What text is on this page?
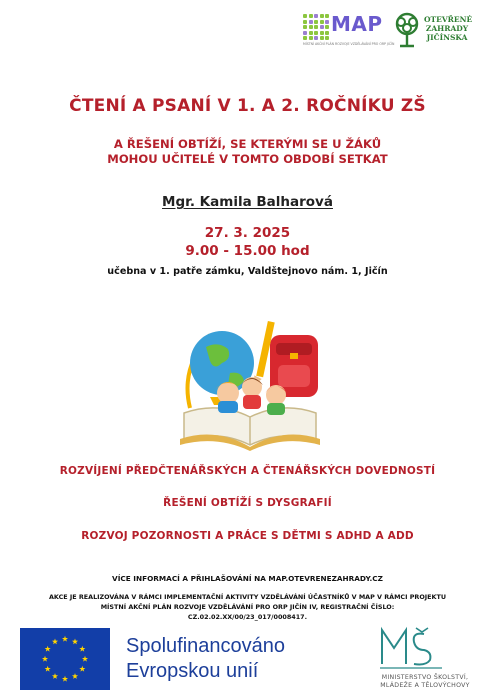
MAP
MÍSTNÍ AKČNÍ PLÁN ROZVOJE VZDĚLÁVÁNÍ PRO ORP JIČÍN
OTEVŘENÉ
ZAHRADY
JIČÍNSKA
ČTENÍ A PSANÍ V 1. A 2. ROČNÍKU ZŠ
A ŘEŠENÍ OBTÍŽÍ, SE KTERÝMI SE U ŽÁKŮ
MOHOU UČITELÉ V TOMTO OBDOBÍ SETKAT
Mgr. Kamila Balharová
27. 3. 2025
9.00 - 15.00 hod
učebna v 1. patře zámku, Valdštejnovo nám. 1, Jičín
ROZVÍJENÍ PŘEDČTENÁŘSKÝCH A ČTENÁŘSKÝCH DOVEDNOSTÍ
ŘEŠENÍ OBTÍŽÍ S DYSGRAFIÍ
ROZVOJ POZORNOSTI A PRÁCE S DĚTMI S ADHD A ADD
VÍCE INFORMACÍ A PŘIHLAŠOVÁNÍ NA MAP.OTEVRENEZAHRADY.CZ
AKCE JE REALIZOVÁNA V RÁMCI IMPLEMENTAČNÍ AKTIVITY VZDĚLÁVÁNÍ ÚČASTNÍKŮ V MAP V RÁMCI PROJEKTU
MÍSTNÍ AKČNÍ PLÁN ROZVOJE VZDĚLÁVÁNÍ PRO ORP JIČÍN IV, REGISTRAČNÍ ČÍSLO:
CZ.02.02.XX/00/23_017/0008417.
Spolufinancováno
Evropskou unií	MINISTERSTVO ŠKOLSTVÍ,
MLÁDEŽE A TĚLOVÝCHOVY
